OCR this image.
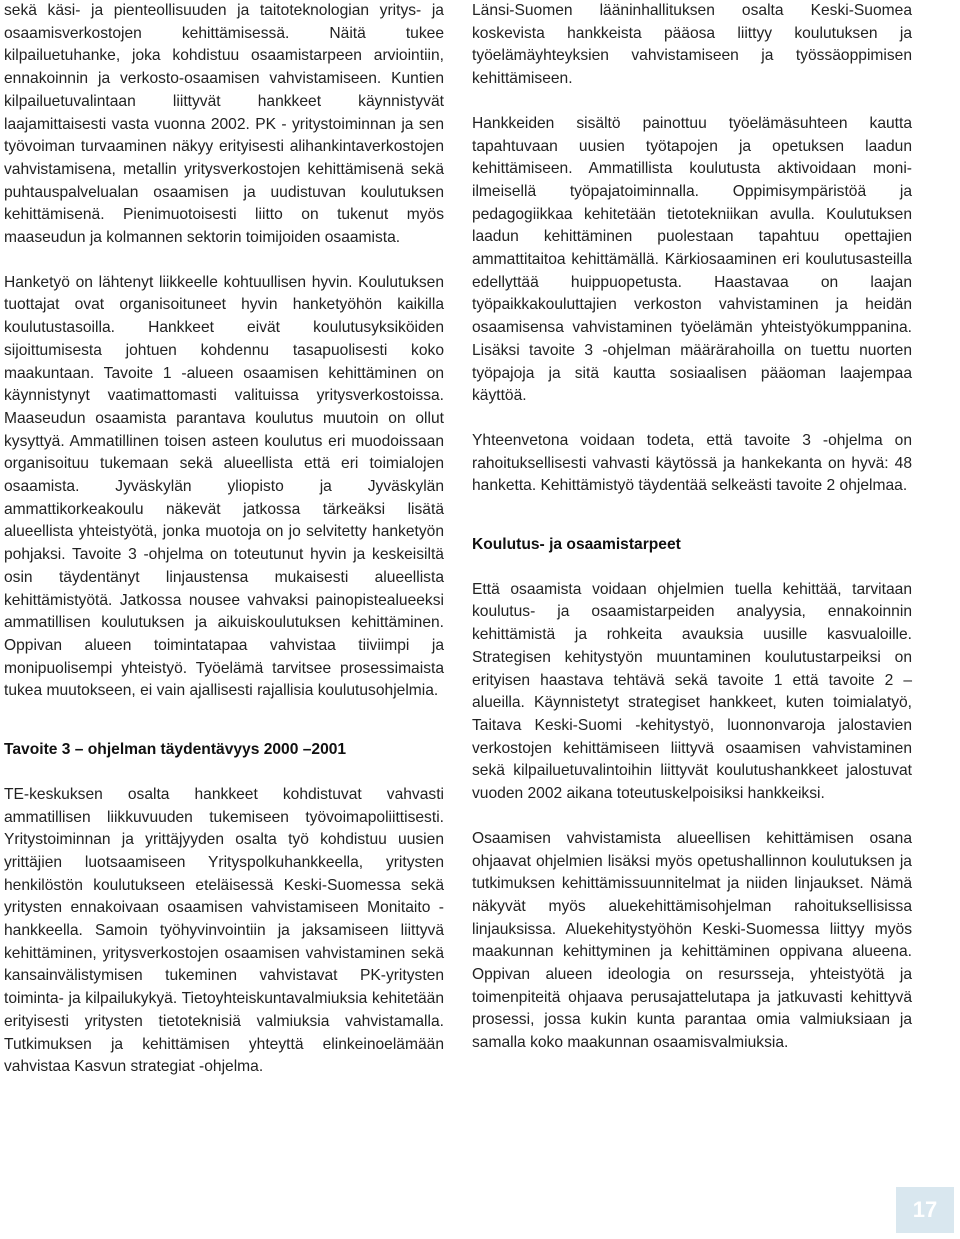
sekä käsi- ja pienteollisuuden ja taitoteknologian yritys- ja osaamisverkostojen kehittämisessä. Näitä tukee kilpailuetuhanke, joka kohdistuu osaamistarpeen arviointiin, ennakoinnin ja verkosto-osaamisen vahvistamiseen. Kuntien kilpailuetuvalintaan liittyvät hankkeet käynnistyvät laajamittaisesti vasta vuonna 2002. PK - yritystoiminnan ja sen työvoiman turvaaminen näkyy erityisesti alihankintaverkostojen vahvistamisena, metallin yritysverkostojen kehittämisenä sekä puhtauspalvelualan osaamisen ja uudistuvan koulutuksen kehittämisenä. Pienimuotoisesti liitto on tukenut myös maaseudun ja kolmannen sektorin toimijoiden osaamista.

Hanketyö on lähtenyt liikkeelle kohtuullisen hyvin. Koulutuksen tuottajat ovat organisoituneet hyvin hanketyöhön kaikilla koulutustasoilla. Hankkeet eivät koulutusyksiköiden sijoittumisesta johtuen kohdennu tasapuolisesti koko maakuntaan. Tavoite 1 -alueen osaamisen kehittäminen on käynnistynyt vaatimattomasti valituissa yritysverkostoissa. Maaseudun osaamista parantava koulutus muutoin on ollut kysyttyä. Ammatillinen toisen asteen koulutus eri muodoissaan organisoituu tukemaan sekä alueellista että eri toimialojen osaamista. Jyväskylän yliopisto ja Jyväskylän ammattikorkeakoulu näkevät jatkossa tärkeäksi lisätä alueellista yhteistyötä, jonka muotoja on jo selvitetty hanketyön pohjaksi. Tavoite 3 -ohjelma on toteutunut hyvin ja keskeisiltä osin täydentänyt linjaustensa mukaisesti alueellista kehittämistyötä. Jatkossa nousee vahvaksi painopistealueeksi ammatillisen koulutuksen ja aikuiskoulutuksen kehittäminen. Oppivan alueen toimintatapaa vahvistaa tiiviimpi ja monipuolisempi yhteistyö. Työelämä tarvitsee prosessimaista tukea muutokseen, ei vain ajallisesti rajallisia koulutusohjelmia.

Tavoite 3 – ohjelman täydentävyys 2000 –2001

TE-keskuksen osalta hankkeet kohdistuvat vahvasti ammatillisen liikkuvuuden tukemiseen työvoimapoliittisesti. Yritystoiminnan ja yrittäjyyden osalta työ kohdistuu uusien yrittäjien luotsaamiseen Yrityspolkuhankkeella, yritysten henkilöstön koulutukseen eteläisessä Keski-Suomessa sekä yritysten ennakoivaan osaamisen vahvistamiseen Monitaito -hankkeella. Samoin työhyvinvointiin ja jaksamiseen liittyvä kehittäminen, yritysverkostojen osaamisen vahvistaminen sekä kansainvälistymisen tukeminen vahvistavat PK-yritysten toiminta- ja kilpailukykyä. Tietoyhteiskuntavalmiuksia kehitetään erityisesti yritysten tietoteknisiä valmiuksia vahvistamalla. Tutkimuksen ja kehittämisen yhteyttä elinkeinoelämään vahvistaa Kasvun strategiat -ohjelma.

Länsi-Suomen lääninhallituksen osalta Keski-Suomea koskevista hankkeista pääosa liittyy koulutuksen ja työelämäyhteyksien vahvistamiseen ja työssäoppimisen kehittämiseen.

Hankkeiden sisältö painottuu työelämäsuhteen kautta tapahtuvaan uusien työtapojen ja opetuksen laadun kehittämiseen. Ammatillista koulutusta aktivoidaan moni-ilmeisellä työpajatoiminnalla. Oppimisympäristöä ja pedagogiikkaa kehitetään tietotekniikan avulla. Koulutuksen laadun kehittäminen puolestaan tapahtuu opettajien ammattitaitoa kehittämällä. Kärkiosaaminen eri koulutusasteilla edellyttää huippuopetusta. Haastavaa on laajan työpaikkakouluttajien verkoston vahvistaminen ja heidän osaamisensa vahvistaminen työelämän yhteistyökumppanina. Lisäksi tavoite 3 -ohjelman määrärahoilla on tuettu nuorten työpajoja ja sitä kautta sosiaalisen pääoman laajempaa käyttöä.

Yhteenvetona voidaan todeta, että tavoite 3 -ohjelma on rahoituksellisesti vahvasti käytössä ja hankekanta on hyvä: 48 hanketta. Kehittämistyö täydentää selkeästi tavoite 2 ohjelmaa.

Koulutus- ja osaamistarpeet

Että osaamista voidaan ohjelmien tuella kehittää, tarvitaan koulutus- ja osaamistarpeiden analyysia, ennakoinnin kehittämistä ja rohkeita avauksia uusille kasvualoille. Strategisen kehitystyön muuntaminen koulutustarpeiksi on erityisen haastava tehtävä sekä tavoite 1 että tavoite 2 –alueilla. Käynnistetyt strategiset hankkeet, kuten toimialatyö, Taitava Keski-Suomi -kehitystyö, luonnonvaroja jalostavien verkostojen kehittämiseen liittyvä osaamisen vahvistaminen sekä kilpailuetuvalintoihin liittyvät koulutushankkeet jalostuvat vuoden 2002 aikana toteutuskelpoisiksi hankkeiksi.

Osaamisen vahvistamista alueellisen kehittämisen osana ohjaavat ohjelmien lisäksi myös opetushallinnon koulutuksen ja tutkimuksen kehittämissuunnitelmat ja niiden linjaukset. Nämä näkyvät myös aluekehittämisohjelman rahoituksellisissa linjauksissa. Aluekehitystyöhön Keski-Suomessa liittyy myös maakunnan kehittyminen ja kehittäminen oppivana alueena. Oppivan alueen ideologia on resursseja, yhteistyötä ja toimenpiteitä ohjaava perusajattelutapa ja jatkuvasti kehittyvä prosessi, jossa kukin kunta parantaa omia valmiuksiaan ja samalla koko maakunnan osaamisvalmiuksia.

17
